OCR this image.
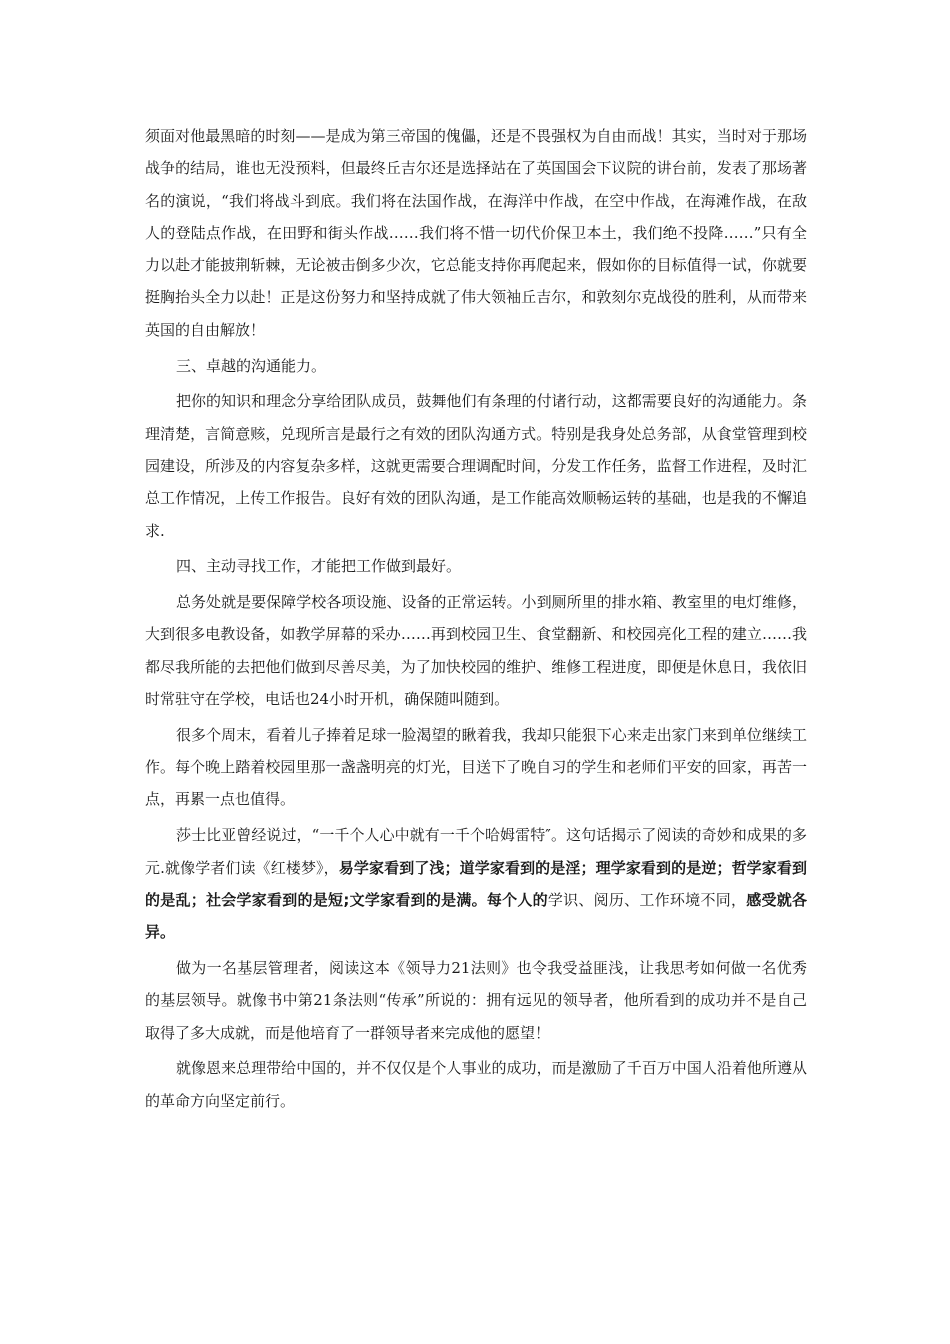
须面对他最黑暗的时刻——是成为第三帝国的傀儡，还是不畏强权为自由而战！其实，当时对于那场战争的结局，谁也无没预料，但最终丘吉尔还是选择站在了英国国会下议院的讲台前，发表了那场著名的演说，“我们将战斗到底。我们将在法国作战，在海洋中作战，在空中作战，在海滩作战，在敌人的登陆点作战，在田野和街头作战……我们将不惜一切代价保卫本土，我们绝不投降……”只有全力以赴才能披荆斩棘，无论被击倒多少次，它总能支持你再爬起来，假如你的目标值得一试，你就要挺胸抬头全力以赴！正是这份努力和坚持成就了伟大领袖丘吉尔，和敦刻尔克战役的胜利，从而带来英国的自由解放！

三、卓越的沟通能力。

把你的知识和理念分享给团队成员，鼓舞他们有条理的付诸行动，这都需要良好的沟通能力。条理清楚，言简意赅，兑现所言是最行之有效的团队沟通方式。特别是我身处总务部，从食堂管理到校园建设，所涉及的内容复杂多样，这就更需要合理调配时间，分发工作任务，监督工作进程，及时汇总工作情况，上传工作报告。良好有效的团队沟通，是工作能高效顺畅运转的基础，也是我的不懈追求.

四、主动寻找工作，才能把工作做到最好。

总务处就是要保障学校各项设施、设备的正常运转。小到厕所里的排水箱、教室里的电灯维修，大到很多电教设备，如教学屏幕的采办……再到校园卫生、食堂翻新、和校园亮化工程的建立……我都尽我所能的去把他们做到尽善尽美，为了加快校园的维护、维修工程进度，即便是休息日，我依旧时常驻守在学校，电话也24小时开机，确保随叫随到。

很多个周末，看着儿子捧着足球一脸渴望的瞅着我，我却只能狠下心来走出家门来到单位继续工作。每个晚上踏着校园里那一盏盏明亮的灯光，目送下了晚自习的学生和老师们平安的回家，再苦一点，再累一点也值得。

莎士比亚曾经说过，“一千个人心中就有一千个哈姆雷特″。这句话揭示了阅读的奇妙和成果的多元.就像学者们读《红楼梦》，易学家看到了浅；道学家看到的是淫；理学家看到的是逆；哲学家看到的是乱；社会学家看到的是短;文学家看到的是满。每个人的学识、阅历、工作环境不同，感受就各异。

做为一名基层管理者，阅读这本《领导力21法则》也令我受益匪浅，让我思考如何做一名优秀的基层领导。就像书中第21条法则“传承”所说的：拥有远见的领导者，他所看到的成功并不是自己取得了多大成就，而是他培育了一群领导者来完成他的愿望！

就像恩来总理带给中国的，并不仅仅是个人事业的成功，而是激励了千百万中国人沿着他所遵从的革命方向坚定前行。
